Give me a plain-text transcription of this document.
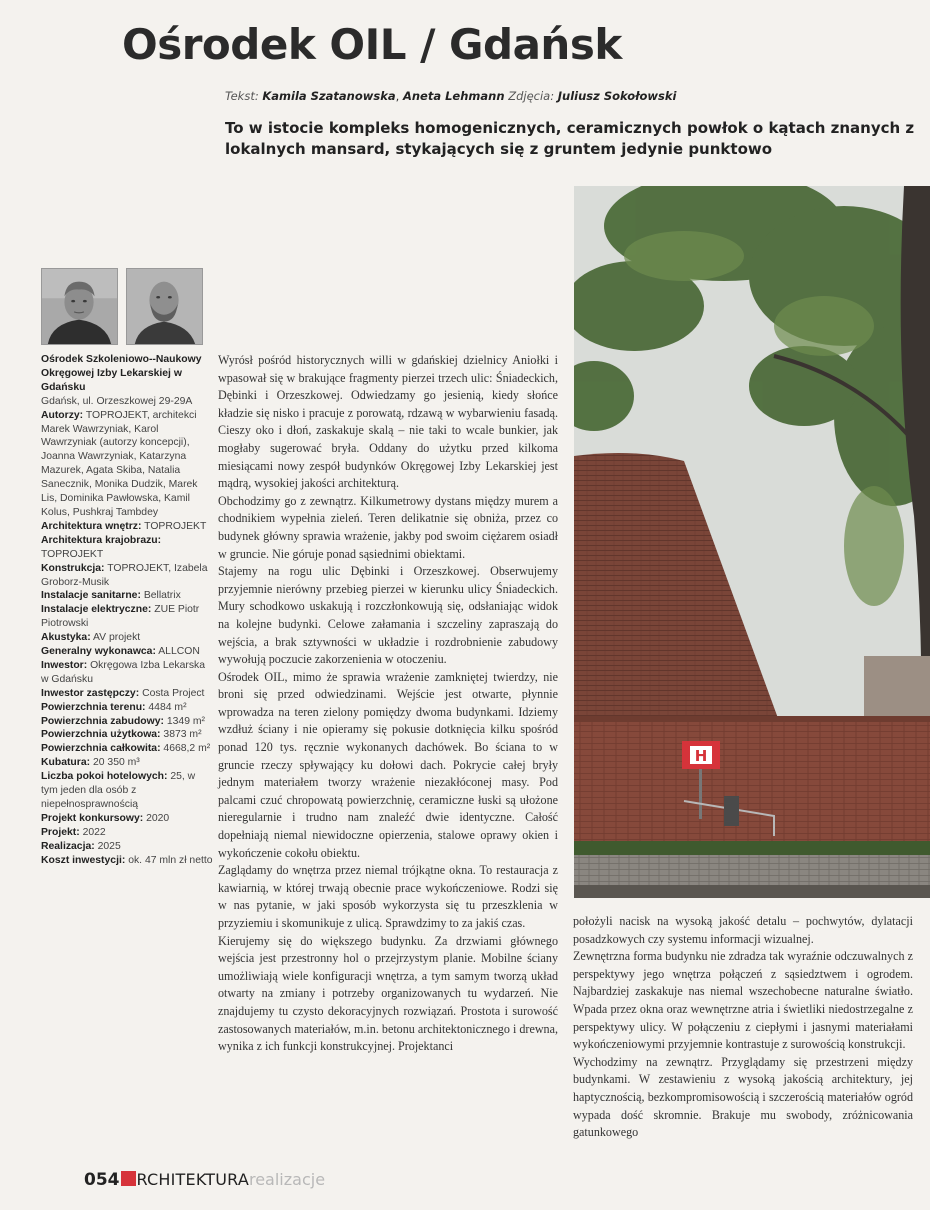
Ośrodek OIL / Gdańsk
Tekst: Kamila Szatanowska, Aneta Lehmann Zdjęcia: Juliusz Sokołowski
To w istocie kompleks homogenicznych, ceramicznych powłok o kątach znanych z lokalnych mansard, stykających się z gruntem jedynie punktowo
Ośrodek Szkoleniowo--Naukowy Okręgowej Izby Lekarskiej w Gdańsku
Gdańsk, ul. Orzeszkowej 29-29A
Autorzy: TOPROJEKT, architekci Marek Wawrzyniak, Karol Wawrzyniak (autorzy koncepcji), Joanna Wawrzyniak, Katarzyna Mazurek, Agata Skiba, Natalia Sanecznik, Monika Dudzik, Marek Lis, Dominika Pawłowska, Kamil Kolus, Pushkraj Tambdey
Architektura wnętrz: TOPROJEKT
Architektura krajobrazu: TOPROJEKT
Konstrukcja: TOPROJEKT, Izabela Groborz-Musik
Instalacje sanitarne: Bellatrix
Instalacje elektryczne: ZUE Piotr Piotrowski
Akustyka: AV projekt
Generalny wykonawca: ALLCON
Inwestor: Okręgowa Izba Lekarska w Gdańsku
Inwestor zastępczy: Costa Project
Powierzchnia terenu: 4484 m²
Powierzchnia zabudowy: 1349 m²
Powierzchnia użytkowa: 3873 m²
Powierzchnia całkowita: 4668,2 m²
Kubatura: 20 350 m³
Liczba pokoi hotelowych: 25, w tym jeden dla osób z niepełnosprawnością
Projekt konkursowy: 2020
Projekt: 2022
Realizacja: 2025
Koszt inwestycji: ok. 47 mln zł netto

Wyrósł pośród historycznych willi w gdańskiej dzielnicy Aniołki i wpasował się w brakujące fragmenty pierzei trzech ulic: Śniadeckich, Dębinki i Orzeszkowej. Odwiedzamy go jesienią, kiedy słońce kładzie się nisko i pracuje z porowatą, rdzawą w wybarwieniu fasadą. Cieszy oko i dłoń, zaskakuje skalą – nie taki to wcale bunkier, jak mogłaby sugerować bryła. Oddany do użytku przed kilkoma miesiącami nowy zespół budynków Okręgowej Izby Lekarskiej jest mądrą, wysokiej jakości architekturą.

Obchodzimy go z zewnątrz. Kilkumetrowy dystans między murem a chodnikiem wypełnia zieleń. Teren delikatnie się obniża, przez co budynek główny sprawia wrażenie, jakby pod swoim ciężarem osiadł w gruncie. Nie góruje ponad sąsiednimi obiektami.

Stajemy na rogu ulic Dębinki i Orzeszkowej. Obserwujemy przyjemnie nierówny przebieg pierzei w kierunku ulicy Śniadeckich. Mury schodkowo uskakują i rozczłonkowują się, odsłaniając widok na kolejne budynki. Celowe załamania i szczeliny zapraszają do wejścia, a brak sztywności w układzie i rozdrobnienie zabudowy wywołują poczucie zakorzenienia w otoczeniu.

Ośrodek OIL, mimo że sprawia wrażenie zamkniętej twierdzy, nie broni się przed odwiedzinami. Wejście jest otwarte, płynnie wprowadza na teren zielony pomiędzy dwoma budynkami. Idziemy wzdłuż ściany i nie opieramy się pokusie dotknięcia kilku spośród ponad 120 tys. ręcznie wykonanych dachówek. Bo ściana to w gruncie rzeczy spływający ku dołowi dach. Pokrycie całej bryły jednym materiałem tworzy wrażenie niezakłóconej masy. Pod palcami czuć chropowatą powierzchnię, ceramiczne łuski są ułożone nieregularnie i trudno nam znaleźć dwie identyczne. Całość dopełniają niemal niewidoczne opierzenia, stalowe oprawy okien i wykończenie cokołu obiektu.

Zaglądamy do wnętrza przez niemal trójkątne okna. To restauracja z kawiarnią, w której trwają obecnie prace wykończeniowe. Rodzi się w nas pytanie, w jaki sposób wykorzysta się tu przeszklenia w przyziemiu i skomunikuje z ulicą. Sprawdzimy to za jakiś czas.

Kierujemy się do większego budynku. Za drzwiami głównego wejścia jest przestronny hol o przejrzystym planie. Mobilne ściany umożliwiają wiele konfiguracji wnętrza, a tym samym tworzą układ otwarty na zmiany i potrzeby organizowanych tu wydarzeń. Nie znajdujemy tu czysto dekoracyjnych rozwiązań. Prostota i surowość zastosowanych materiałów, m.in. betonu architektonicznego i drewna, wynika z ich funkcji konstrukcyjnej. Projektanci

H

położyli nacisk na wysoką jakość detalu – pochwytów, dylatacji posadzkowych czy systemu informacji wizualnej.

Zewnętrzna forma budynku nie zdradza tak wyraźnie odczuwalnych z perspektywy jego wnętrza połączeń z sąsiedztwem i ogrodem. Najbardziej zaskakuje nas niemal wszechobecne naturalne światło. Wpada przez okna oraz wewnętrzne atria i świetliki niedostrzegalne z perspektywy ulicy. W połączeniu z ciepłymi i jasnymi materiałami wykończeniowymi przyjemnie kontrastuje z surowością konstrukcji.

Wychodzimy na zewnątrz. Przyglądamy się przestrzeni między budynkami. W zestawieniu z wysoką jakością architektury, jej haptycznością, bezkompromisowością i szczerością materiałów ogród wypada dość skromnie. Brakuje mu swobody, zróżnicowania gatunkowego

054 RCHITEKTURA realizacje
